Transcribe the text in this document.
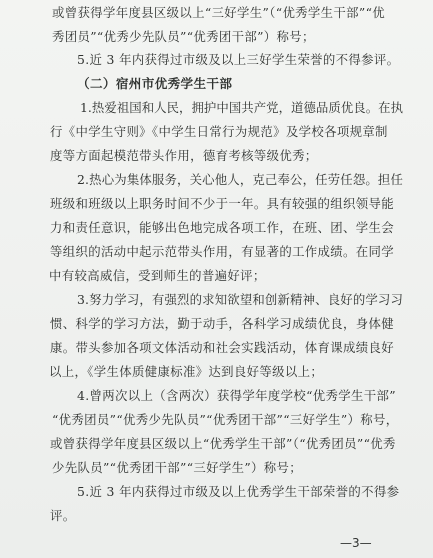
或曾获得学年度县区级以上“三好学生”（“优秀学生干部”“优
秀团员”“优秀少先队员”“优秀团干部”）称号；
5.近 3 年内获得过市级及以上三好学生荣誉的不得参评。
（二）宿州市优秀学生干部
1.热爱祖国和人民，拥护中国共产党，道德品质优良。在执
行《中学生守则》《中学生日常行为规范》及学校各项规章制
度等方面起模范带头作用，德育考核等级优秀；
2.热心为集体服务，关心他人，克己奉公，任劳任怨。担任
班级和班级以上职务时间不少于一年。具有较强的组织领导能
力和责任意识，能够出色地完成各项工作，在班、团、学生会
等组织的活动中起示范带头作用，有显著的工作成绩。在同学
中有较高威信，受到师生的普遍好评；
3.努力学习，有强烈的求知欲望和创新精神、良好的学习习
惯、科学的学习方法，勤于动手，各科学习成绩优良，身体健
康。带头参加各项文体活动和社会实践活动，体育课成绩良好
以上，《学生体质健康标准》达到良好等级以上；
4.曾两次以上（含两次）获得学年度学校“优秀学生干部”
“优秀团员”“优秀少先队员”“优秀团干部”“三好学生”）称号，
或曾获得学年度县区级以上“优秀学生干部”（“优秀团员”“优秀
少先队员”“优秀团干部”“三好学生”）称号；
5.近 3 年内获得过市级及以上优秀学生干部荣誉的不得参
评。
—3—
